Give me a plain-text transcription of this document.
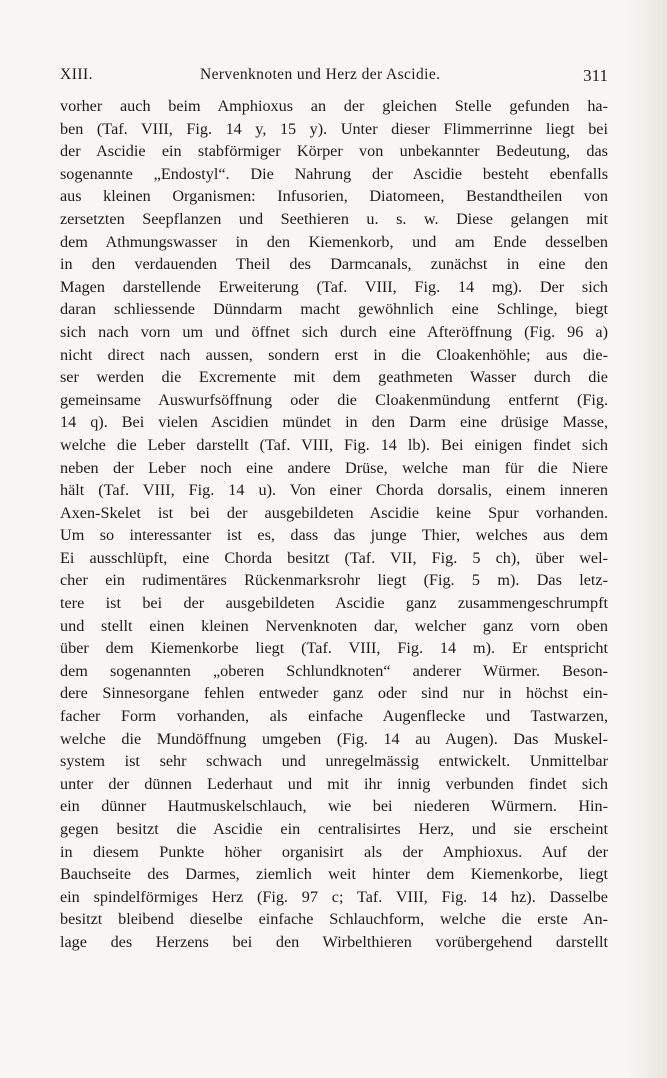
XIII.	Nervenknoten und Herz der Ascidie.	311
vorher auch beim Amphioxus an der gleichen Stelle gefunden ha-
ben (Taf. VIII, Fig. 14 y, 15 y). Unter dieser Flimmerrinne liegt bei
der Ascidie ein stabförmiger Körper von unbekannter Bedeutung, das
sogenannte „Endostyl“. Die Nahrung der Ascidie besteht ebenfalls
aus kleinen Organismen: Infusorien, Diatomeen, Bestandtheilen von
zersetzten Seepflanzen und Seethieren u. s. w. Diese gelangen mit
dem Athmungswasser in den Kiemenkorb, und am Ende desselben
in den verdauenden Theil des Darmcanals, zunächst in eine den
Magen darstellende Erweiterung (Taf. VIII, Fig. 14 mg). Der sich
daran schliessende Dünndarm macht gewöhnlich eine Schlinge, biegt
sich nach vorn um und öffnet sich durch eine Afteröffnung (Fig. 96 a)
nicht direct nach aussen, sondern erst in die Cloakenhöhle; aus die-
ser werden die Excremente mit dem geathmeten Wasser durch die
gemeinsame Auswurfsöffnung oder die Cloakenmündung entfernt (Fig.
14 q). Bei vielen Ascidien mündet in den Darm eine drüsige Masse,
welche die Leber darstellt (Taf. VIII, Fig. 14 lb). Bei einigen findet sich
neben der Leber noch eine andere Drüse, welche man für die Niere
hält (Taf. VIII, Fig. 14 u). Von einer Chorda dorsalis, einem inneren
Axen-Skelet ist bei der ausgebildeten Ascidie keine Spur vorhanden.
Um so interessanter ist es, dass das junge Thier, welches aus dem
Ei ausschlüpft, eine Chorda besitzt (Taf. VII, Fig. 5 ch), über wel-
cher ein rudimentäres Rückenmarksrohr liegt (Fig. 5 m). Das letz-
tere ist bei der ausgebildeten Ascidie ganz zusammengeschrumpft
und stellt einen kleinen Nervenknoten dar, welcher ganz vorn oben
über dem Kiemenkorbe liegt (Taf. VIII, Fig. 14 m). Er entspricht
dem sogenannten „oberen Schlundknoten“ anderer Würmer. Beson-
dere Sinnesorgane fehlen entweder ganz oder sind nur in höchst ein-
facher Form vorhanden, als einfache Augenflecke und Tastwarzen,
welche die Mundöffnung umgeben (Fig. 14 au Augen). Das Muskel-
system ist sehr schwach und unregelmässig entwickelt. Unmittelbar
unter der dünnen Lederhaut und mit ihr innig verbunden findet sich
ein dünner Hautmuskelschlauch, wie bei niederen Würmern. Hin-
gegen besitzt die Ascidie ein centralisirtes Herz, und sie erscheint
in diesem Punkte höher organisirt als der Amphioxus. Auf der
Bauchseite des Darmes, ziemlich weit hinter dem Kiemenkorbe, liegt
ein spindelförmiges Herz (Fig. 97 c; Taf. VIII, Fig. 14 hz). Dasselbe
besitzt bleibend dieselbe einfache Schlauchform, welche die erste An-
lage des Herzens bei den Wirbelthieren vorübergehend darstellt
